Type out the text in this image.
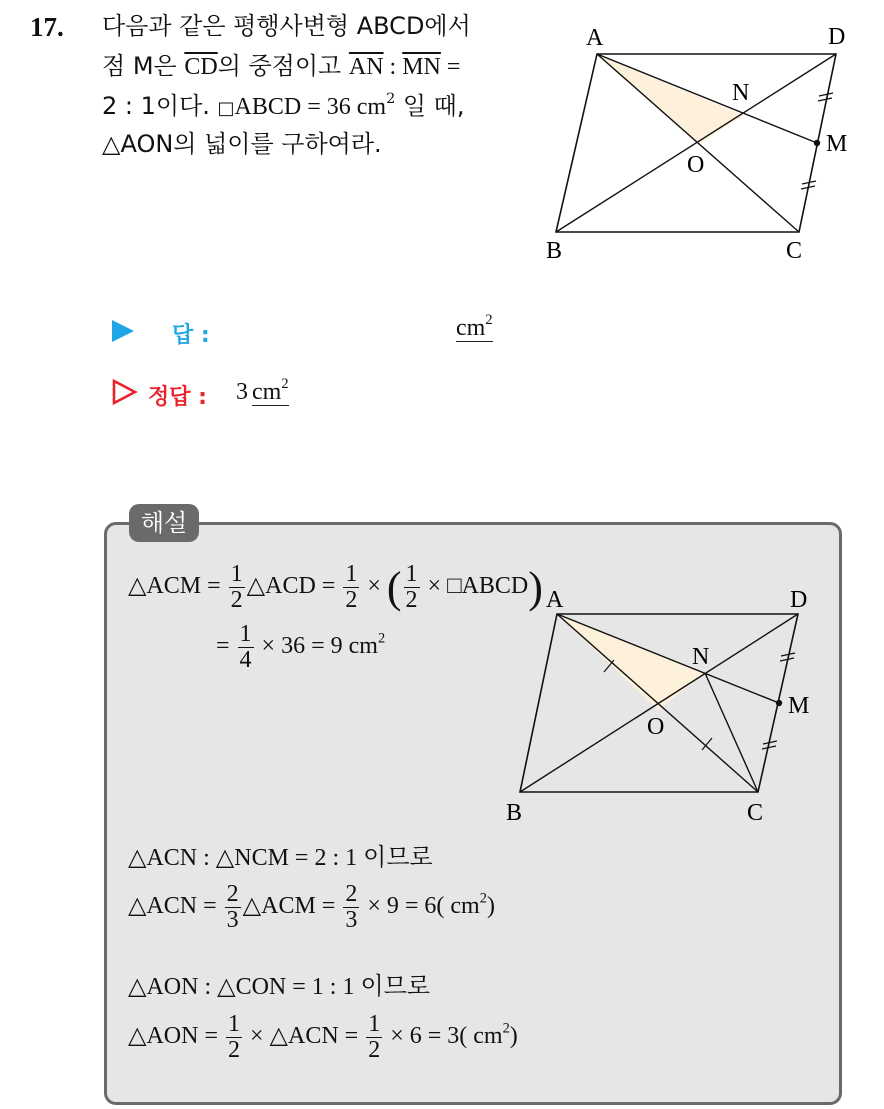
17. 다음과 같은 평행사변형 ABCD에서
점 M은 $\overline{CD}$의 중점이고 $\overline{AN}$ : $\overline{MN}$ =
2 : 1이다. □ABCD = 36 $cm^2$ 일 때,
△AON의 넓이를 구하여라.
A	D
B	C
M
N
O
답 :	$cm^2$
정답 : 3 $cm^2$
해설
△ACM = $\frac{1}{2}$ △ACD = $\frac{1}{2}$ × ( $\frac{1}{2}$ × □ABCD)
= $\frac{1}{4} \times 36 = 9$ $cm^2$
A	D
B	C
M
N
O
△ACN : △NCM = 2 : 1 이므로
△ACN = $\frac{2}{3}$ △ACM = $\frac{2}{3} \times 9 = 6$( $cm^2$)
△AON : △CON = 1 : 1 이므로
△AON = $\frac{1}{2}$ × △ACN = $\frac{1}{2} \times 6 = 3$( $cm^2$)
